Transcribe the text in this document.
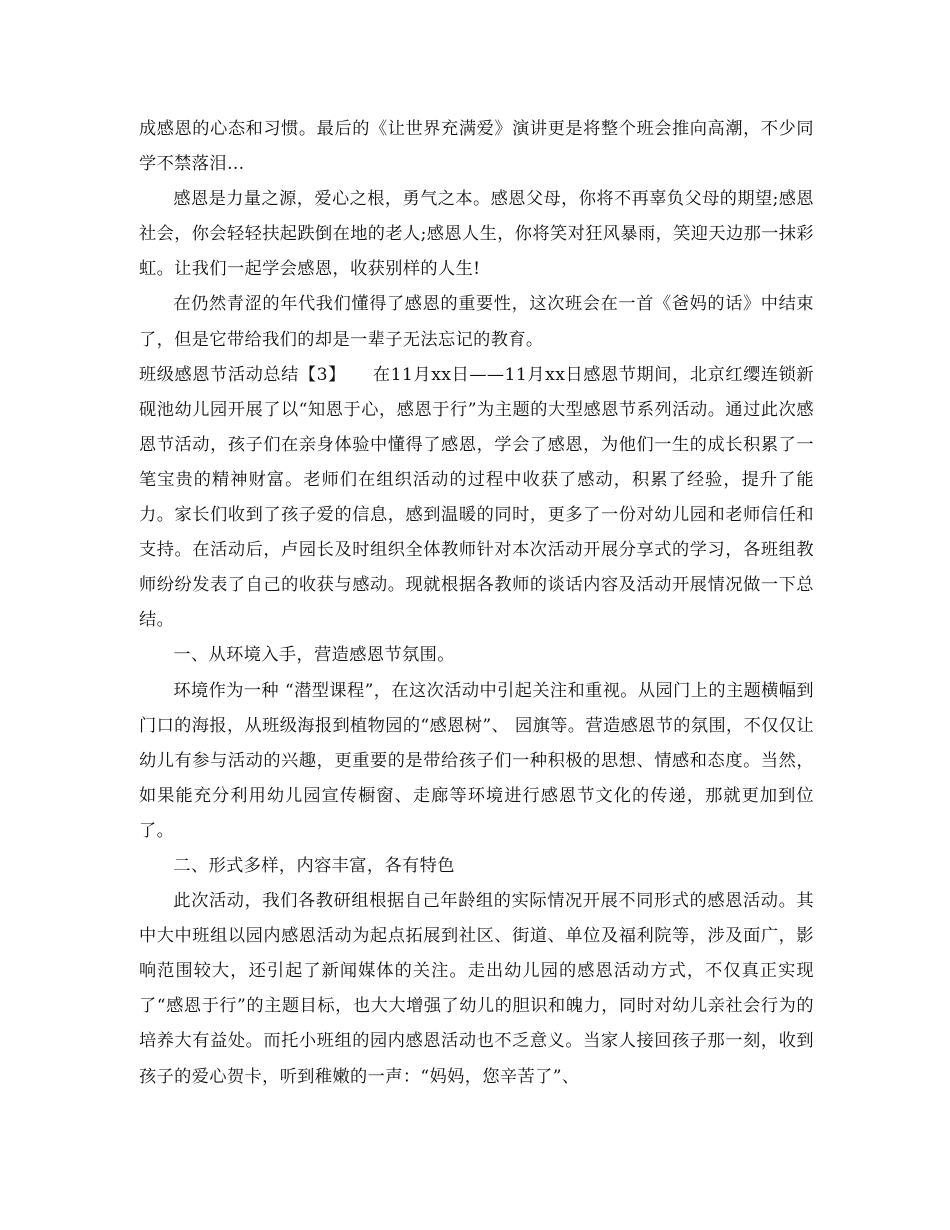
成感恩的心态和习惯。最后的《让世界充满爱》演讲更是将整个班会推向高潮，不少同学不禁落泪…

感恩是力量之源，爱心之根，勇气之本。感恩父母，你将不再辜负父母的期望;感恩社会，你会轻轻扶起跌倒在地的老人;感恩人生，你将笑对狂风暴雨，笑迎天边那一抹彩虹。让我们一起学会感恩，收获别样的人生!

在仍然青涩的年代我们懂得了感恩的重要性，这次班会在一首《爸妈的话》中结束了，但是它带给我们的却是一辈子无法忘记的教育。

班级感恩节活动总结【3】　　在11月xx日——11月xx日感恩节期间，北京红缨连锁新砚池幼儿园开展了以“知恩于心，感恩于行”为主题的大型感恩节系列活动。通过此次感恩节活动，孩子们在亲身体验中懂得了感恩，学会了感恩，为他们一生的成长积累了一笔宝贵的精神财富。老师们在组织活动的过程中收获了感动，积累了经验，提升了能力。家长们收到了孩子爱的信息，感到温暖的同时，更多了一份对幼儿园和老师信任和支持。在活动后，卢园长及时组织全体教师针对本次活动开展分享式的学习，各班组教师纷纷发表了自己的收获与感动。现就根据各教师的谈话内容及活动开展情况做一下总结。

一、从环境入手，营造感恩节氛围。

环境作为一种 “潜型课程”，在这次活动中引起关注和重视。从园门上的主题横幅到门口的海报，从班级海报到植物园的“感恩树”、 园旗等。营造感恩节的氛围，不仅仅让幼儿有参与活动的兴趣，更重要的是带给孩子们一种积极的思想、情感和态度。当然，如果能充分利用幼儿园宣传橱窗、走廊等环境进行感恩节文化的传递，那就更加到位了。

二、形式多样，内容丰富，各有特色

此次活动，我们各教研组根据自己年龄组的实际情况开展不同形式的感恩活动。其中大中班组以园内感恩活动为起点拓展到社区、街道、单位及福利院等，涉及面广，影响范围较大，还引起了新闻媒体的关注。走出幼儿园的感恩活动方式，不仅真正实现了“感恩于行”的主题目标，也大大增强了幼儿的胆识和魄力，同时对幼儿亲社会行为的培养大有益处。而托小班组的园内感恩活动也不乏意义。当家人接回孩子那一刻，收到孩子的爱心贺卡，听到稚嫩的一声：“妈妈，您辛苦了”、
